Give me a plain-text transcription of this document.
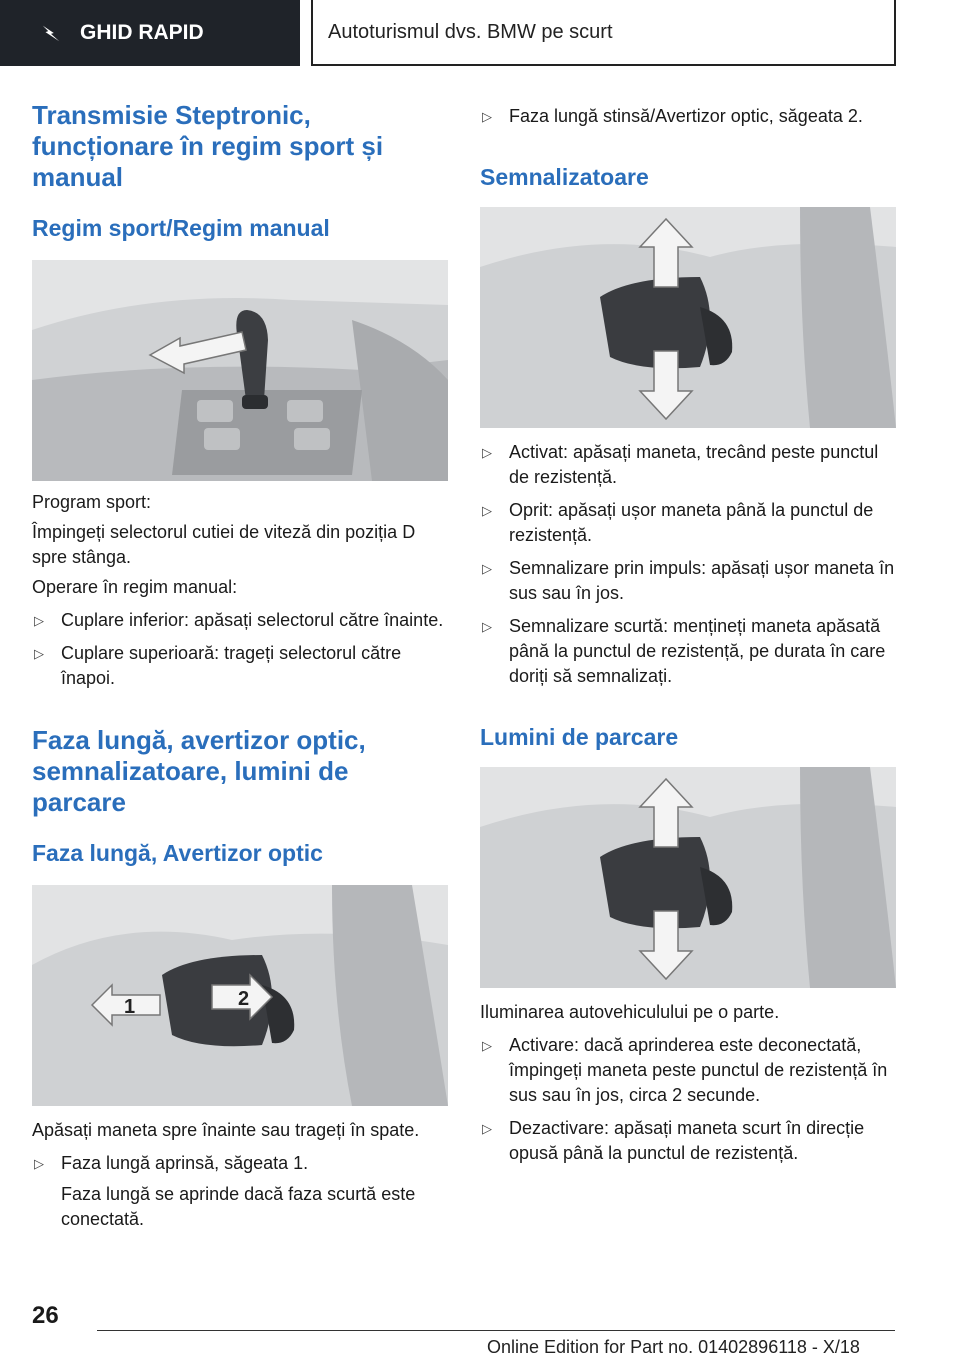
GHID RAPID	Autoturismul dvs. BMW pe scurt
Transmisie Steptronic, funcționare în regim sport și manual
Regim sport/Regim manual

Program sport:

Împingeți selectorul cutiei de viteză din poziția D spre stânga.

Operare în regim manual:

▷ Cuplare inferior: apăsați selectorul către înainte.
▷ Cuplare superioară: trageți selectorul către înapoi.
Faza lungă, avertizor optic, semnalizatoare, lumini de parcare
Faza lungă, Avertizor optic
1	2

Apăsați maneta spre înainte sau trageți în spate.

▷ Faza lungă aprinsă, săgeata 1.

Faza lungă se aprinde dacă faza scurtă este conectată.

▷ Faza lungă stinsă/Avertizor optic, săgeata 2.
Semnalizatoare
▷ Activat: apăsați maneta, trecând peste punctul de rezistență.
▷ Oprit: apăsați ușor maneta până la punctul de rezistență.
▷ Semnalizare prin impuls: apăsați ușor maneta în sus sau în jos.
▷ Semnalizare scurtă: mențineți maneta apăsată până la punctul de rezistență, pe durata în care doriți să semnalizați.
Lumini de parcare

Iluminarea autovehiculului pe o parte.

▷ Activare: dacă aprinderea este deconectată, împingeți maneta peste punctul de rezistență în sus sau în jos, circa 2 secunde.
▷ Dezactivare: apăsați maneta scurt în direcție opusă până la punctul de rezistență.
26
Online Edition for Part no. 01402896118 - X/18
